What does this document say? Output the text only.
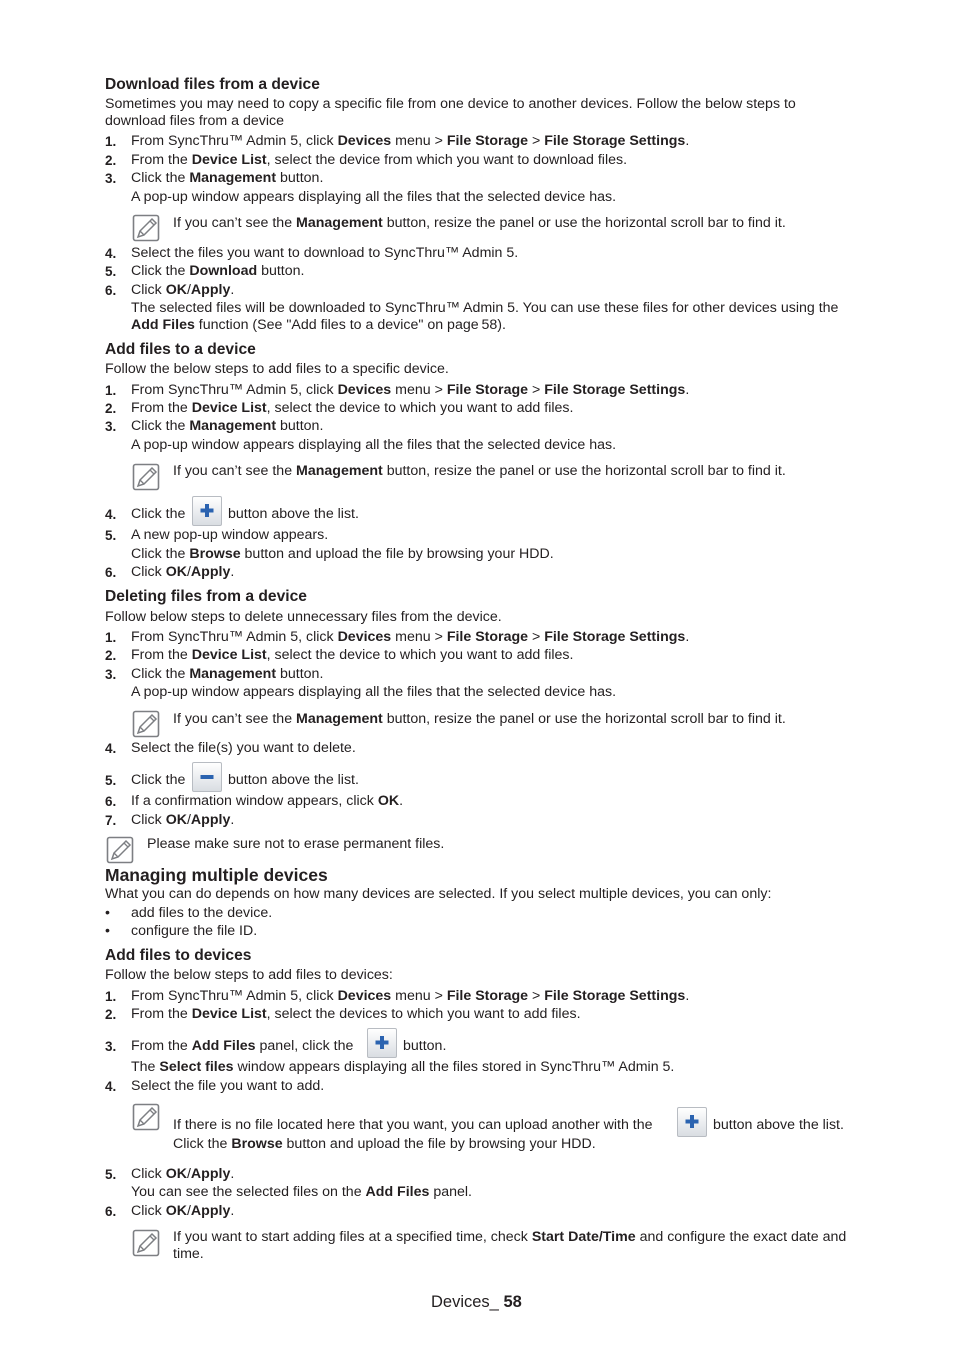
Download files from a device
Sometimes you may need to copy a specific file from one device to another devices. Follow the below steps to
download files from a device
1. From SyncThru™ Admin 5, click Devices menu > File Storage > File Storage Settings.
2. From the Device List, select the device from which you want to download files.
3. Click the Management button.
A pop-up window appears displaying all the files that the selected device has.
If you can’t see the Management button, resize the panel or use the horizontal scroll bar to find it.
4. Select the files you want to download to SyncThru™ Admin 5.
5. Click the Download button.
6. Click OK/Apply.
The selected files will be downloaded to SyncThru™ Admin 5. You can use these files for other devices using the
Add Files function (See "Add files to a device" on page 58).
Add files to a device
Follow the below steps to add files to a specific device.
1. From SyncThru™ Admin 5, click Devices menu > File Storage > File Storage Settings.
2. From the Device List, select the device to which you want to add files.
3. Click the Management button.
A pop-up window appears displaying all the files that the selected device has.
If you can’t see the Management button, resize the panel or use the horizontal scroll bar to find it.
4. Click the	button above the list.
5. A new pop-up window appears.
Click the Browse button and upload the file by browsing your HDD.
6. Click OK/Apply.
Deleting files from a device
Follow below steps to delete unnecessary files from the device.
1. From SyncThru™ Admin 5, click Devices menu > File Storage > File Storage Settings.
2. From the Device List, select the device to which you want to add files.
3. Click the Management button.
A pop-up window appears displaying all the files that the selected device has.
If you can’t see the Management button, resize the panel or use the horizontal scroll bar to find it.
4. Select the file(s) you want to delete.
5. Click the	button above the list.
6. If a confirmation window appears, click OK.
7. Click OK/Apply.
Please make sure not to erase permanent files.
Managing multiple devices
What you can do depends on how many devices are selected. If you select multiple devices, you can only:
• add files to the device.
• configure the file ID.
Add files to devices
Follow the below steps to add files to devices:
1. From SyncThru™ Admin 5, click Devices menu > File Storage > File Storage Settings.
2. From the Device List, select the devices to which you want to add files.
3. From the Add Files panel, click the	button.
The Select files window appears displaying all the files stored in SyncThru™ Admin 5.
4. Select the file you want to add.
If there is no file located here that you want, you can upload another with the	button above the list.
Click the Browse button and upload the file by browsing your HDD.
5. Click OK/Apply.
You can see the selected files on the Add Files panel.
6. Click OK/Apply.
If you want to start adding files at a specified time, check Start Date/Time and configure the exact date and
time.
Devices_ 58
